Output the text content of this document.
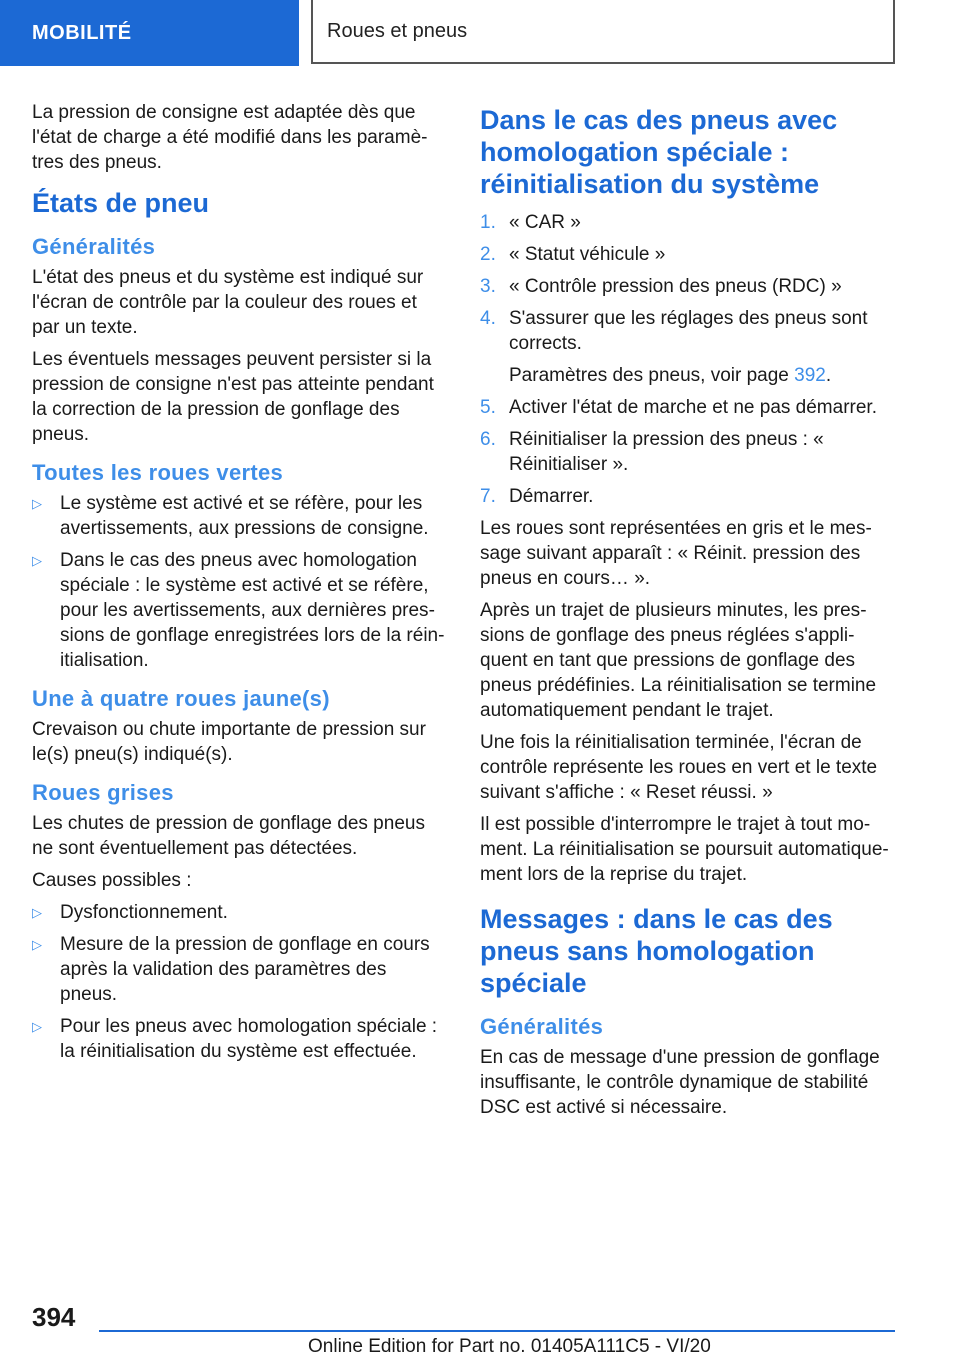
MOBILITÉ	Roues et pneus

La pression de consigne est adaptée dès que l'état de charge a été modifié dans les paramètres des pneus.

États de pneu
Généralités

L'état des pneus et du système est indiqué sur l'écran de contrôle par la couleur des roues et par un texte.

Les éventuels messages peuvent persister si la pression de consigne n'est pas atteinte pendant la correction de la pression de gonflage des pneus.

Toutes les roues vertes
▷ Le système est activé et se réfère, pour les avertissements, aux pressions de consigne.
▷ Dans le cas des pneus avec homologation spéciale : le système est activé et se réfère, pour les avertissements, aux dernières pressions de gonflage enregistrées lors de la réinitialisation.
Une à quatre roues jaune(s)

Crevaison ou chute importante de pression sur le(s) pneu(s) indiqué(s).

Roues grises

Les chutes de pression de gonflage des pneus ne sont éventuellement pas détectées.

Causes possibles :

▷ Dysfonctionnement.
▷ Mesure de la pression de gonflage en cours après la validation des paramètres des pneus.
▷ Pour les pneus avec homologation spéciale : la réinitialisation du système est effectuée.
Dans le cas des pneus avec homologation spéciale : réinitialisation du système
1. « CAR »
2. « Statut véhicule »
3. « Contrôle pression des pneus (RDC) »
4. S'assurer que les réglages des pneus sont corrects.
Paramètres des pneus, voir page 392.
5. Activer l'état de marche et ne pas démarrer.
6. Réinitialiser la pression des pneus : « Réinitialiser ».
7. Démarrer.

Les roues sont représentées en gris et le message suivant apparaît : « Réinit. pression des pneus en cours… ».

Après un trajet de plusieurs minutes, les pressions de gonflage des pneus réglées s'appliquent en tant que pressions de gonflage des pneus prédéfinies. La réinitialisation se termine automatiquement pendant le trajet.

Une fois la réinitialisation terminée, l'écran de contrôle représente les roues en vert et le texte suivant s'affiche : « Reset réussi. »

Il est possible d'interrompre le trajet à tout moment. La réinitialisation se poursuit automatiquement lors de la reprise du trajet.

Messages : dans le cas des pneus sans homologation spéciale
Généralités

En cas de message d'une pression de gonflage insuffisante, le contrôle dynamique de stabilité DSC est activé si nécessaire.

394
Online Edition for Part no. 01405A111C5 - VI/20
